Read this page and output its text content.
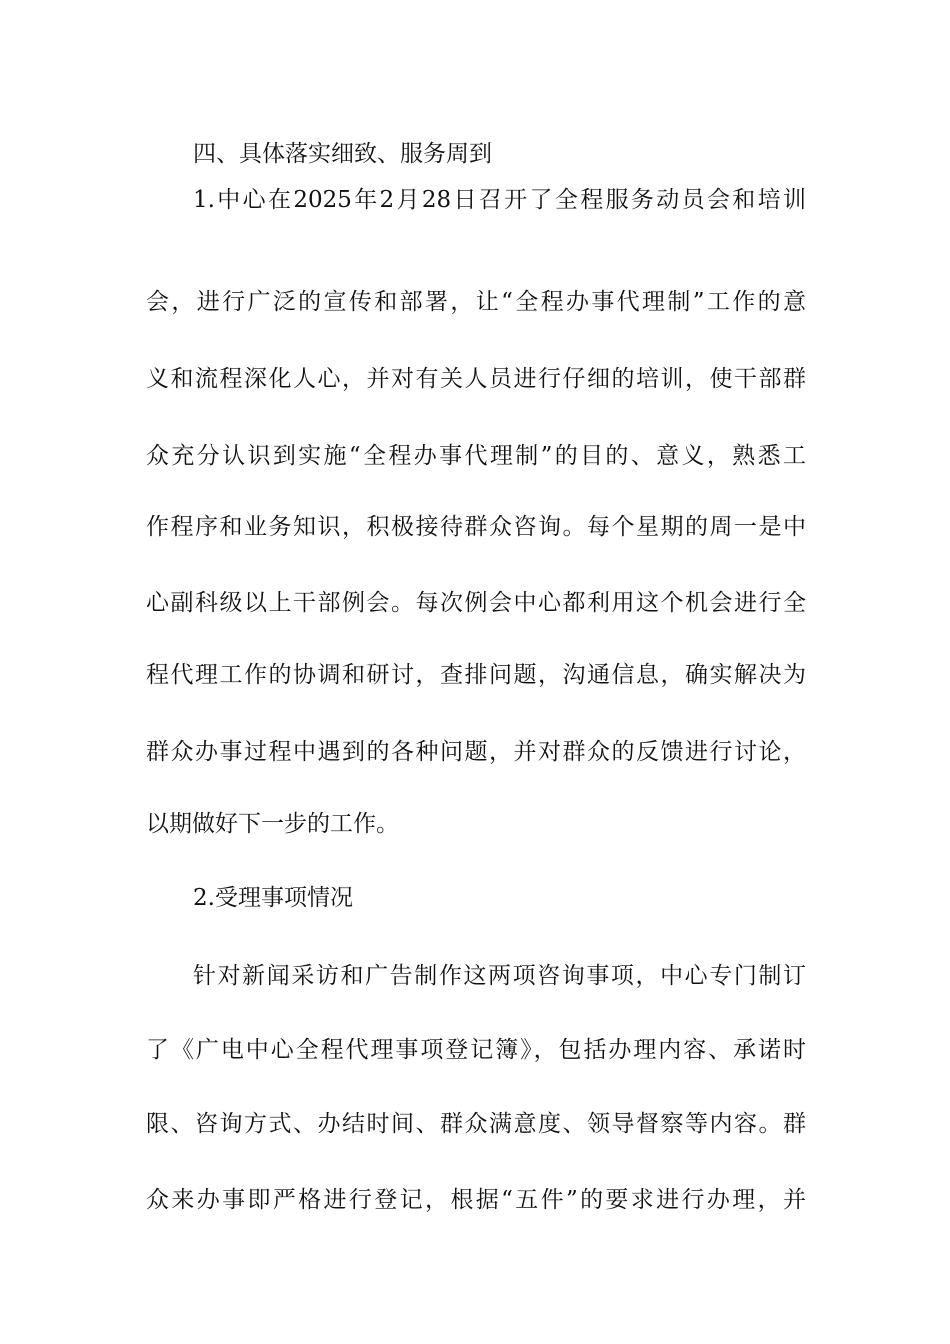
四、具体落实细致、服务周到
1.中心在2025年2月28日召开了全程服务动员会和培训
会，进行广泛的宣传和部署，让“全程办事代理制”工作的意
义和流程深化人心，并对有关人员进行仔细的培训，使干部群
众充分认识到实施“全程办事代理制”的目的、意义，熟悉工
作程序和业务知识，积极接待群众咨询。每个星期的周一是中
心副科级以上干部例会。每次例会中心都利用这个机会进行全
程代理工作的协调和研讨，查排问题，沟通信息，确实解决为
群众办事过程中遇到的各种问题，并对群众的反馈进行讨论，
以期做好下一步的工作。
2.受理事项情况
针对新闻采访和广告制作这两项咨询事项，中心专门制订
了《广电中心全程代理事项登记簿》，包括办理内容、承诺时
限、咨询方式、办结时间、群众满意度、领导督察等内容。群
众来办事即严格进行登记，根据“五件”的要求进行办理，并
